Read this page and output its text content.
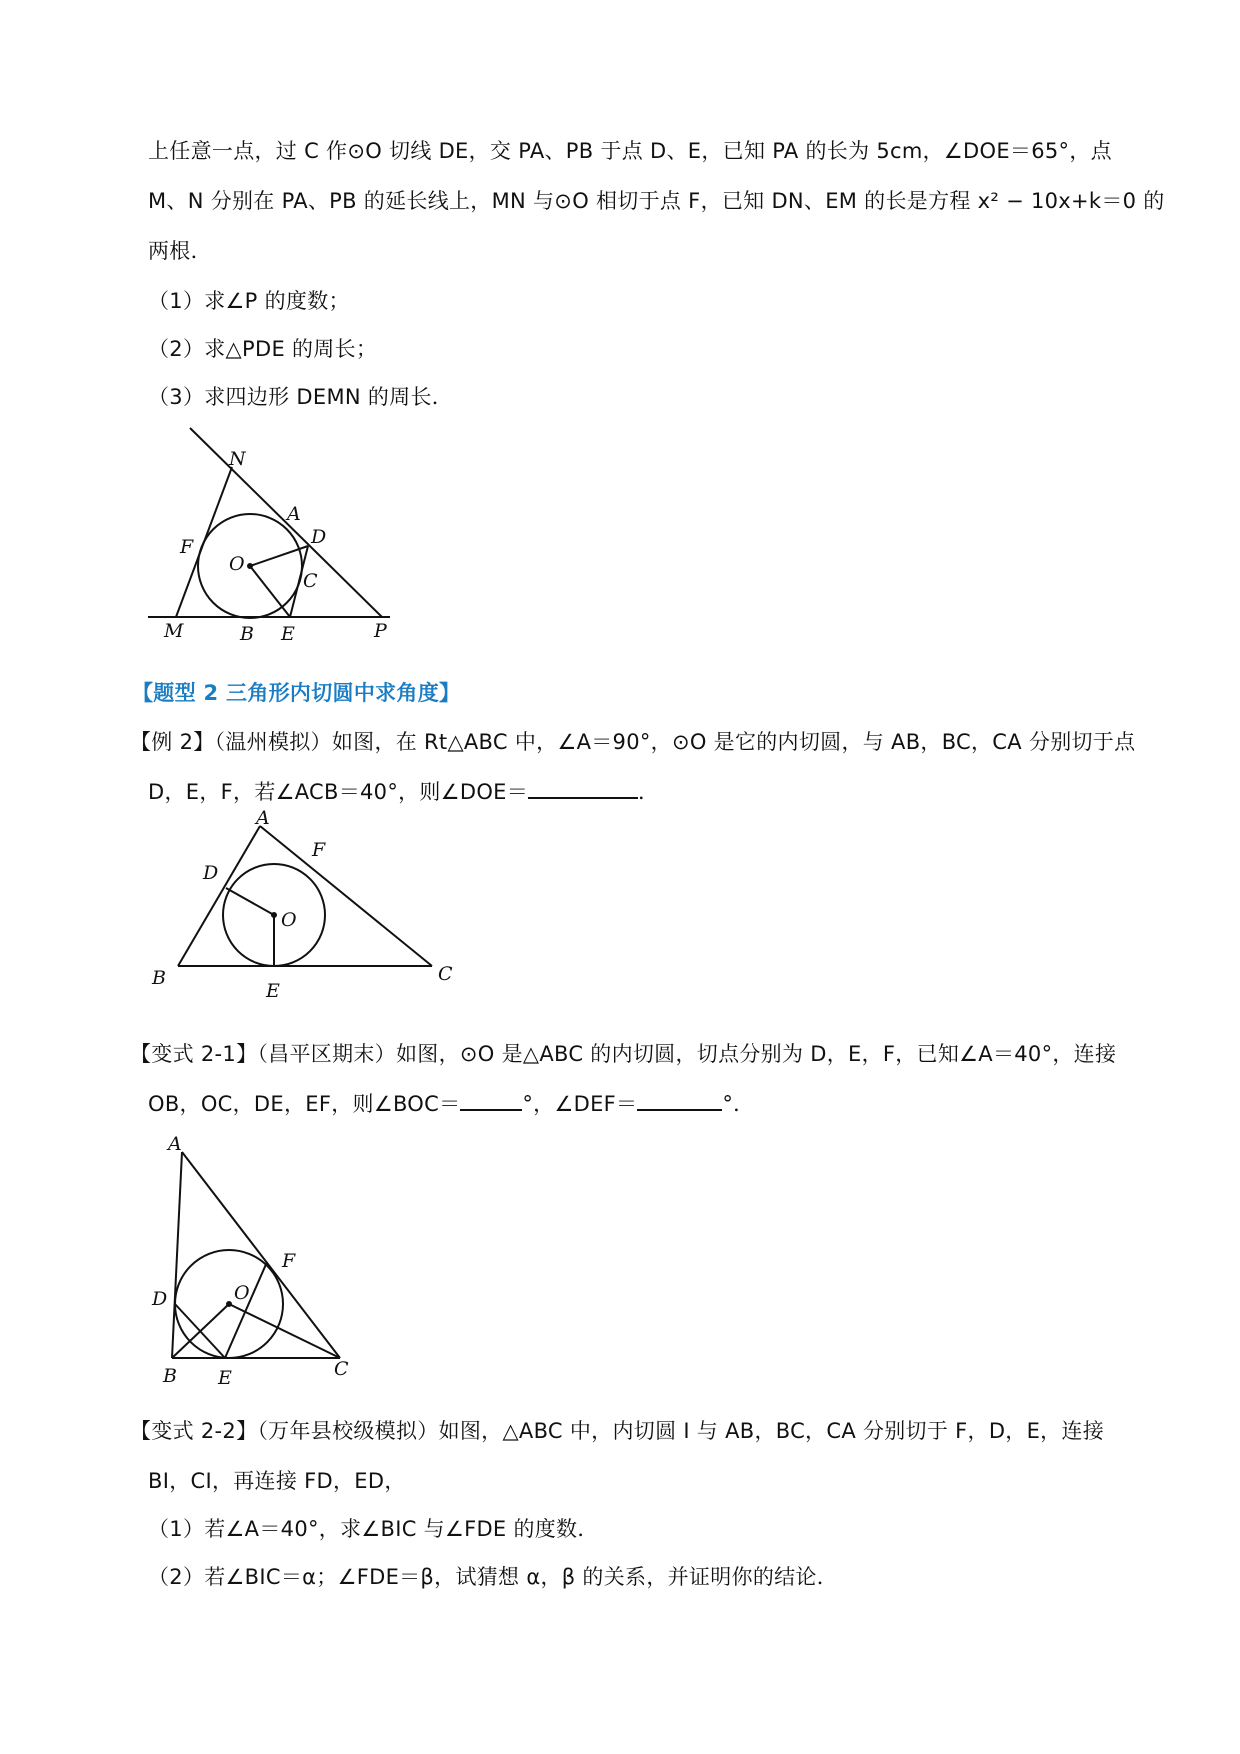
上任意一点，过 C 作⊙O 切线 DE，交 PA、PB 于点 D、E，已知 PA 的长为 5cm，∠DOE＝65°，点
M、N 分别在 PA、PB 的延长线上，MN 与⊙O 相切于点 F，已知 DN、EM 的长是方程 x² − 10x+k＝0 的
两根．
（1）求∠P 的度数；
（2）求△PDE 的周长；
（3）求四边形 DEMN 的周长．
N
A
D
F
O
C
M	B E	P
【题型 2 三角形内切圆中求角度】
【例 2】（温州模拟）如图，在 Rt△ABC 中，∠A＝90°，⊙O 是它的内切圆，与 AB，BC，CA 分别切于点
D，E，F，若∠ACB＝40°，则∠DOE＝	．
A
F
D
O
B
E
C
【变式 2-1】（昌平区期末）如图，⊙O 是△ABC 的内切圆，切点分别为 D，E，F，已知∠A＝40°，连接
OB，OC，DE，EF，则∠BOC＝	°，∠DEF＝	°．
A
F
D	O
B E	C
【变式 2-2】（万年县校级模拟）如图，△ABC 中，内切圆 I 与 AB，BC，CA 分别切于 F，D，E，连接
BI，CI，再连接 FD，ED，
（1）若∠A＝40°，求∠BIC 与∠FDE 的度数．
（2）若∠BIC＝α；∠FDE＝β，试猜想 α，β 的关系，并证明你的结论．
